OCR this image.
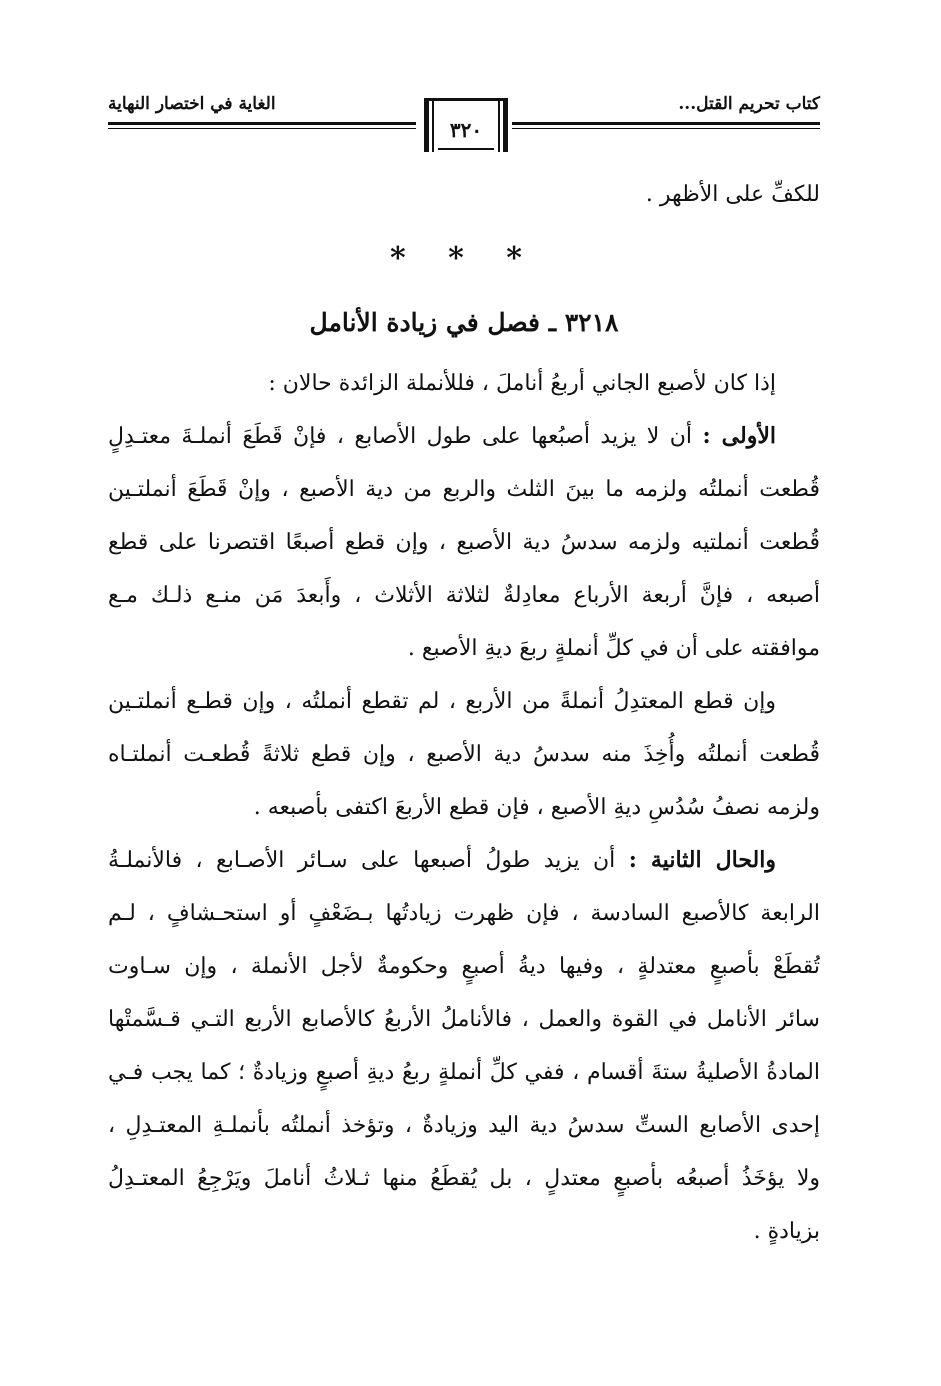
كتاب تحريم القتل...
الغاية في اختصار النهاية
٣٢٠

للكفِّ على الأظهر .

* * *
٣٢١٨ ـ فصل في زيادة الأنامل

إذا كان لأصبع الجاني أربعُ أناملَ ، فللأنملة الزائدة حالان :

الأولى : أن لا يزيد أصبُعها على طول الأصابع ، فإنْ قَطَعَ أنملـةَ معتـدِلٍ

قُطعت أنملتُه ولزمه ما بينَ الثلث والربع من دية الأصبع ، وإنْ قَطَعَ أنملتـين

قُطعت أنملتيه ولزمه سدسُ دية الأصبع ، وإن قطع أصبعًا اقتصرنا على قطع

أصبعه ، فإنَّ أربعة الأرباع معادِلةٌ لثلاثة الأثلاث ، وأَبعدَ مَن منـع ذلـك مـع

موافقته على أن في كلِّ أنملةٍ ربعَ ديةِ الأصبع .

وإن قطع المعتدِلُ أنملةً من الأربع ، لم تقطع أنملتُه ، وإن قطـع أنملتـين

قُطعت أنملتُه وأُخِذَ منه سدسُ دية الأصبع ، وإن قطع ثلاثةً قُطعـت أنملتـاه

ولزمه نصفُ سُدُسِ ديةِ الأصبع ، فإن قطع الأربعَ اكتفى بأصبعه .

والحال الثانية : أن يزيد طولُ أصبعها على سـائر الأصـابع ، فالأنملـةُ

الرابعة كالأصبع السادسة ، فإن ظهرت زيادتُها بـضَعْفٍ أو استحـشافٍ ، لـم

تُقطَعْ بأصبعٍ معتدلةٍ ، وفيها ديةُ أصبعٍ وحكومةٌ لأجل الأنملة ، وإن سـاوت

سائر الأنامل في القوة والعمل ، فالأناملُ الأربعُ كالأصابع الأربع التـي قـسَّمتْها

المادةُ الأصليةُ ستةَ أقسام ، ففي كلِّ أنملةٍ ربعُ ديةِ أصبعٍ وزيادةٌ ؛ كما يجب فـي

إحدى الأصابع الستِّ سدسُ دية اليد وزيادةٌ ، وتؤخذ أنملتُه بأنملـةِ المعتـدِلِ ،

ولا يؤخَذُ أصبعُه بأصبعٍ معتدلٍ ، بل يُقطَعُ منها ثـلاثُ أناملَ ويَرْجِعُ المعتـدِلُ

بزيادةٍ .
